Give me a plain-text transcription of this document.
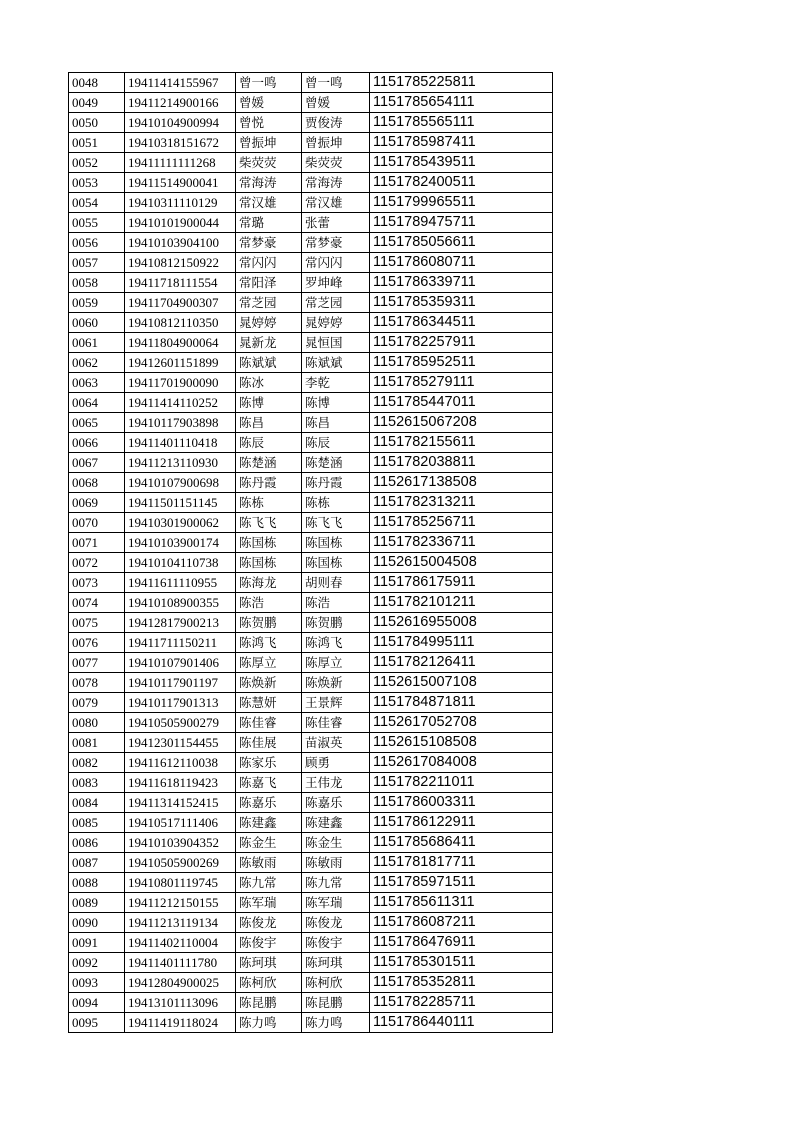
0048	19411414155967	曾一鸣	曾一鸣	1151785225811
0049	19411214900166	曾媛	曾媛	1151785654111
0050	19410104900994	曾悦	贾俊涛	1151785565111
0051	19410318151672	曾振坤	曾振坤	1151785987411
0052	19411111111268	柴荧荧	柴荧荧	1151785439511
0053	19411514900041	常海涛	常海涛	1151782400511
0054	19410311110129	常汉雄	常汉雄	1151799965511
0055	19410101900044	常璐	张蕾	1151789475711
0056	19410103904100	常梦豪	常梦豪	1151785056611
0057	19410812150922	常闪闪	常闪闪	1151786080711
0058	19411718111554	常阳泽	罗坤峰	1151786339711
0059	19411704900307	常芝园	常芝园	1151785359311
0060	19410812110350	晁婷婷	晁婷婷	1151786344511
0061	19411804900064	晁新龙	晁恒国	1151782257911
0062	19412601151899	陈斌斌	陈斌斌	1151785952511
0063	19411701900090	陈冰	李乾	1151785279111
0064	19411414110252	陈博	陈博	1151785447011
0065	19410117903898	陈昌	陈昌	1152615067208
0066	19411401110418	陈辰	陈辰	1151782155611
0067	19411213110930	陈楚涵	陈楚涵	1151782038811
0068	19410107900698	陈丹霞	陈丹霞	1152617138508
0069	19411501151145	陈栋	陈栋	1151782313211
0070	19410301900062	陈飞飞	陈飞飞	1151785256711
0071	19410103900174	陈国栋	陈国栋	1151782336711
0072	19410104110738	陈国栋	陈国栋	1152615004508
0073	19411611110955	陈海龙	胡则春	1151786175911
0074	19410108900355	陈浩	陈浩	1151782101211
0075	19412817900213	陈贺鹏	陈贺鹏	1152616955008
0076	19411711150211	陈鸿飞	陈鸿飞	1151784995111
0077	19410107901406	陈厚立	陈厚立	1151782126411
0078	19410117901197	陈焕新	陈焕新	1152615007108
0079	19410117901313	陈慧妍	王景辉	1151784871811
0080	19410505900279	陈佳睿	陈佳睿	1152617052708
0081	19412301154455	陈佳展	苗淑英	1152615108508
0082	19411612110038	陈家乐	顾勇	1152617084008
0083	19411618119423	陈嘉飞	王伟龙	1151782211011
0084	19411314152415	陈嘉乐	陈嘉乐	1151786003311
0085	19410517111406	陈建鑫	陈建鑫	1151786122911
0086	19410103904352	陈金生	陈金生	1151785686411
0087	19410505900269	陈敏雨	陈敏雨	1151781817711
0088	19410801119745	陈九常	陈九常	1151785971511
0089	19411212150155	陈军瑞	陈军瑞	1151785611311
0090	19411213119134	陈俊龙	陈俊龙	1151786087211
0091	19411402110004	陈俊宇	陈俊宇	1151786476911
0092	19411401111780	陈珂琪	陈珂琪	1151785301511
0093	19412804900025	陈柯欣	陈柯欣	1151785352811
0094	19413101113096	陈昆鹏	陈昆鹏	1151782285711
0095	19411419118024	陈力鸣	陈力鸣	1151786440111
